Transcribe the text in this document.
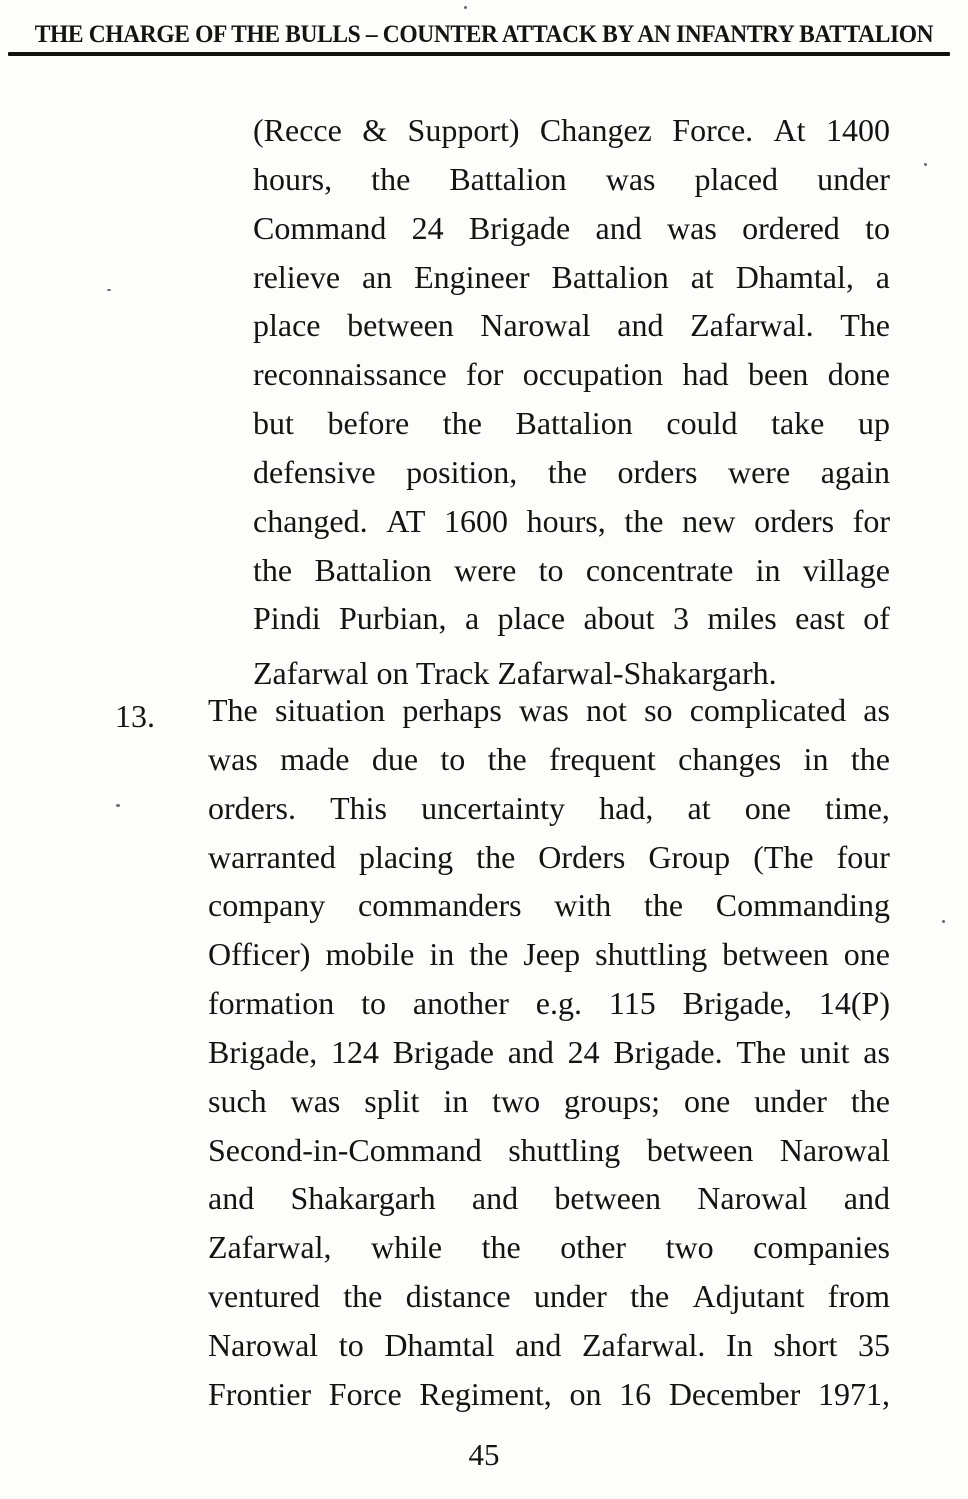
THE CHARGE OF THE BULLS – COUNTER ATTACK BY AN INFANTRY BATTALION
(Recce & Support) Changez Force. At 1400
hours, the Battalion was placed under
Command 24 Brigade and was ordered to
relieve an Engineer Battalion at Dhamtal, a
place between Narowal and Zafarwal. The
reconnaissance for occupation had been done
but before the Battalion could take up
defensive position, the orders were again
changed. AT 1600 hours, the new orders for
the Battalion were to concentrate in village
Pindi Purbian, a place about 3 miles east of
Zafarwal on Track Zafarwal-Shakargarh.
13. The situation perhaps was not so complicated as
was made due to the frequent changes in the
orders. This uncertainty had, at one time,
warranted placing the Orders Group (The four
company commanders with the Commanding
Officer) mobile in the Jeep shuttling between one
formation to another e.g. 115 Brigade, 14(P)
Brigade, 124 Brigade and 24 Brigade. The unit as
such was split in two groups; one under the
Second-in-Command shuttling between Narowal
and Shakargarh and between Narowal and
Zafarwal, while the other two companies
ventured the distance under the Adjutant from
Narowal to Dhamtal and Zafarwal. In short 35
Frontier Force Regiment, on 16 December 1971,
45
